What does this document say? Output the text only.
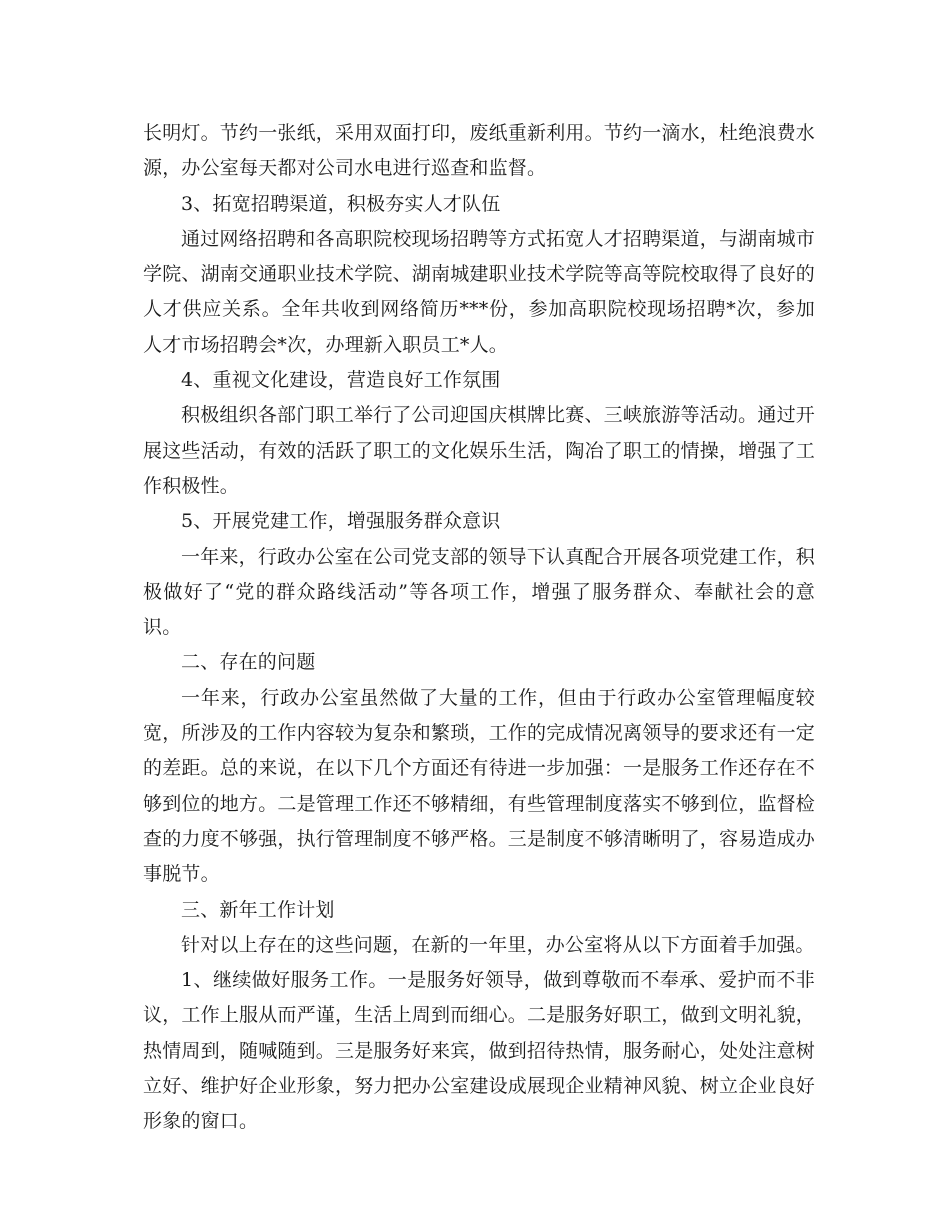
长明灯。节约一张纸，采用双面打印，废纸重新利用。节约一滴水，杜绝浪费水源，办公室每天都对公司水电进行巡查和监督。

3、拓宽招聘渠道，积极夯实人才队伍

通过网络招聘和各高职院校现场招聘等方式拓宽人才招聘渠道，与湖南城市学院、湖南交通职业技术学院、湖南城建职业技术学院等高等院校取得了良好的人才供应关系。全年共收到网络简历***份，参加高职院校现场招聘*次，参加人才市场招聘会*次，办理新入职员工*人。

4、重视文化建设，营造良好工作氛围

积极组织各部门职工举行了公司迎国庆棋牌比赛、三峡旅游等活动。通过开展这些活动，有效的活跃了职工的文化娱乐生活，陶冶了职工的情操，增强了工作积极性。

5、开展党建工作，增强服务群众意识

一年来，行政办公室在公司党支部的领导下认真配合开展各项党建工作，积极做好了“党的群众路线活动”等各项工作，增强了服务群众、奉献社会的意识。

二、存在的问题

一年来，行政办公室虽然做了大量的工作，但由于行政办公室管理幅度较宽，所涉及的工作内容较为复杂和繁琐，工作的完成情况离领导的要求还有一定的差距。总的来说，在以下几个方面还有待进一步加强：一是服务工作还存在不够到位的地方。二是管理工作还不够精细，有些管理制度落实不够到位，监督检查的力度不够强，执行管理制度不够严格。三是制度不够清晰明了，容易造成办事脱节。

三、新年工作计划

针对以上存在的这些问题，在新的一年里，办公室将从以下方面着手加强。

1、继续做好服务工作。一是服务好领导，做到尊敬而不奉承、爱护而不非议，工作上服从而严谨，生活上周到而细心。二是服务好职工，做到文明礼貌，热情周到，随喊随到。三是服务好来宾，做到招待热情，服务耐心，处处注意树立好、维护好企业形象，努力把办公室建设成展现企业精神风貌、树立企业良好形象的窗口。
